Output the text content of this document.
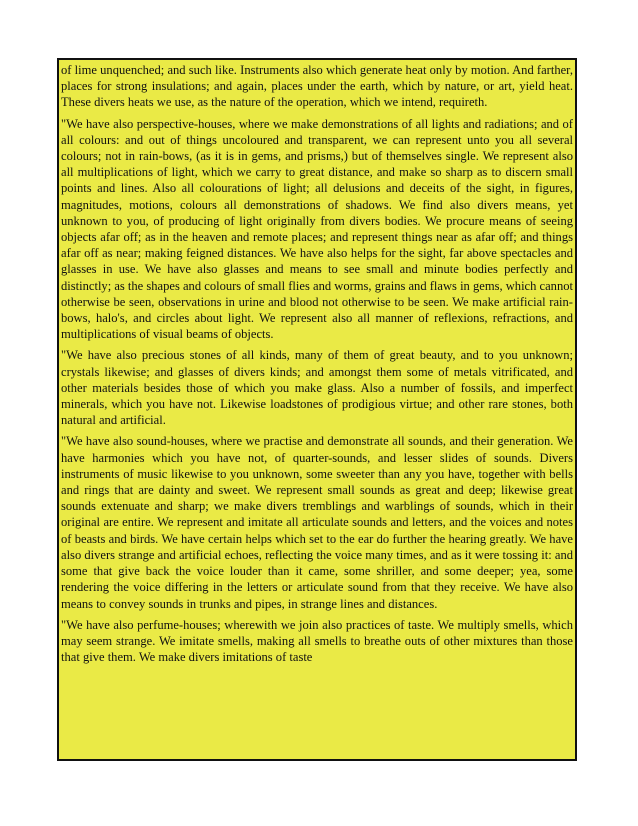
of lime unquenched; and such like. Instruments also which generate heat only by motion. And farther, places for strong insulations; and again, places under the earth, which by nature, or art, yield heat. These divers heats we use, as the nature of the operation, which we intend, requireth.

"We have also perspective-houses, where we make demonstrations of all lights and radiations; and of all colours: and out of things uncoloured and transparent, we can represent unto you all several colours; not in rain-bows, (as it is in gems, and prisms,) but of themselves single. We represent also all multiplications of light, which we carry to great distance, and make so sharp as to discern small points and lines. Also all colourations of light; all delusions and deceits of the sight, in figures, magnitudes, motions, colours all demonstrations of shadows. We find also divers means, yet unknown to you, of producing of light originally from divers bodies. We procure means of seeing objects afar off; as in the heaven and remote places; and represent things near as afar off; and things afar off as near; making feigned distances. We have also helps for the sight, far above spectacles and glasses in use. We have also glasses and means to see small and minute bodies perfectly and distinctly; as the shapes and colours of small flies and worms, grains and flaws in gems, which cannot otherwise be seen, observations in urine and blood not otherwise to be seen. We make artificial rain-bows, halo's, and circles about light. We represent also all manner of reflexions, refractions, and multiplications of visual beams of objects.

"We have also precious stones of all kinds, many of them of great beauty, and to you unknown; crystals likewise; and glasses of divers kinds; and amongst them some of metals vitrificated, and other materials besides those of which you make glass. Also a number of fossils, and imperfect minerals, which you have not. Likewise loadstones of prodigious virtue; and other rare stones, both natural and artificial.

"We have also sound-houses, where we practise and demonstrate all sounds, and their generation. We have harmonies which you have not, of quarter-sounds, and lesser slides of sounds. Divers instruments of music likewise to you unknown, some sweeter than any you have, together with bells and rings that are dainty and sweet. We represent small sounds as great and deep; likewise great sounds extenuate and sharp; we make divers tremblings and warblings of sounds, which in their original are entire. We represent and imitate all articulate sounds and letters, and the voices and notes of beasts and birds. We have certain helps which set to the ear do further the hearing greatly. We have also divers strange and artificial echoes, reflecting the voice many times, and as it were tossing it: and some that give back the voice louder than it came, some shriller, and some deeper; yea, some rendering the voice differing in the letters or articulate sound from that they receive. We have also means to convey sounds in trunks and pipes, in strange lines and distances.

"We have also perfume-houses; wherewith we join also practices of taste. We multiply smells, which may seem strange. We imitate smells, making all smells to breathe outs of other mixtures than those that give them. We make divers imitations of taste
